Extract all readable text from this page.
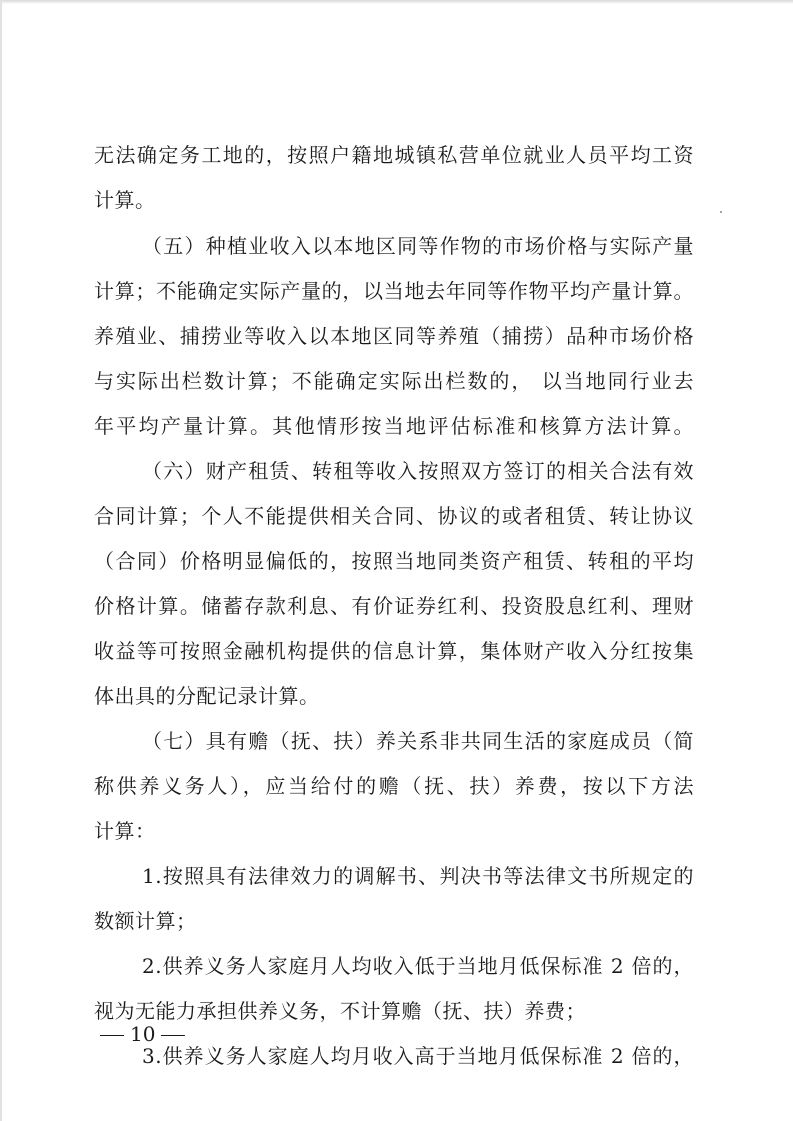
无法确定务工地的，按照户籍地城镇私营单位就业人员平均工资
计算。
（五）种植业收入以本地区同等作物的市场价格与实际产量
计算；不能确定实际产量的，以当地去年同等作物平均产量计算。
养殖业、捕捞业等收入以本地区同等养殖（捕捞）品种市场价格
与实际出栏数计算；不能确定实际出栏数的， 以当地同行业去
年平均产量计算。其他情形按当地评估标准和核算方法计算。
（六）财产租赁、转租等收入按照双方签订的相关合法有效
合同计算；个人不能提供相关合同、协议的或者租赁、转让协议
（合同）价格明显偏低的，按照当地同类资产租赁、转租的平均
价格计算。储蓄存款利息、有价证券红利、投资股息红利、理财
收益等可按照金融机构提供的信息计算，集体财产收入分红按集
体出具的分配记录计算。
（七）具有赡（抚、扶）养关系非共同生活的家庭成员（简
称供养义务人），应当给付的赡（抚、扶）养费，按以下方法
计算：
1.按照具有法律效力的调解书、判决书等法律文书所规定的
数额计算；
2.供养义务人家庭月人均收入低于当地月低保标准 2 倍的，
视为无能力承担供养义务，不计算赡（抚、扶）养费；
3.供养义务人家庭人均月收入高于当地月低保标准 2 倍的，
10
